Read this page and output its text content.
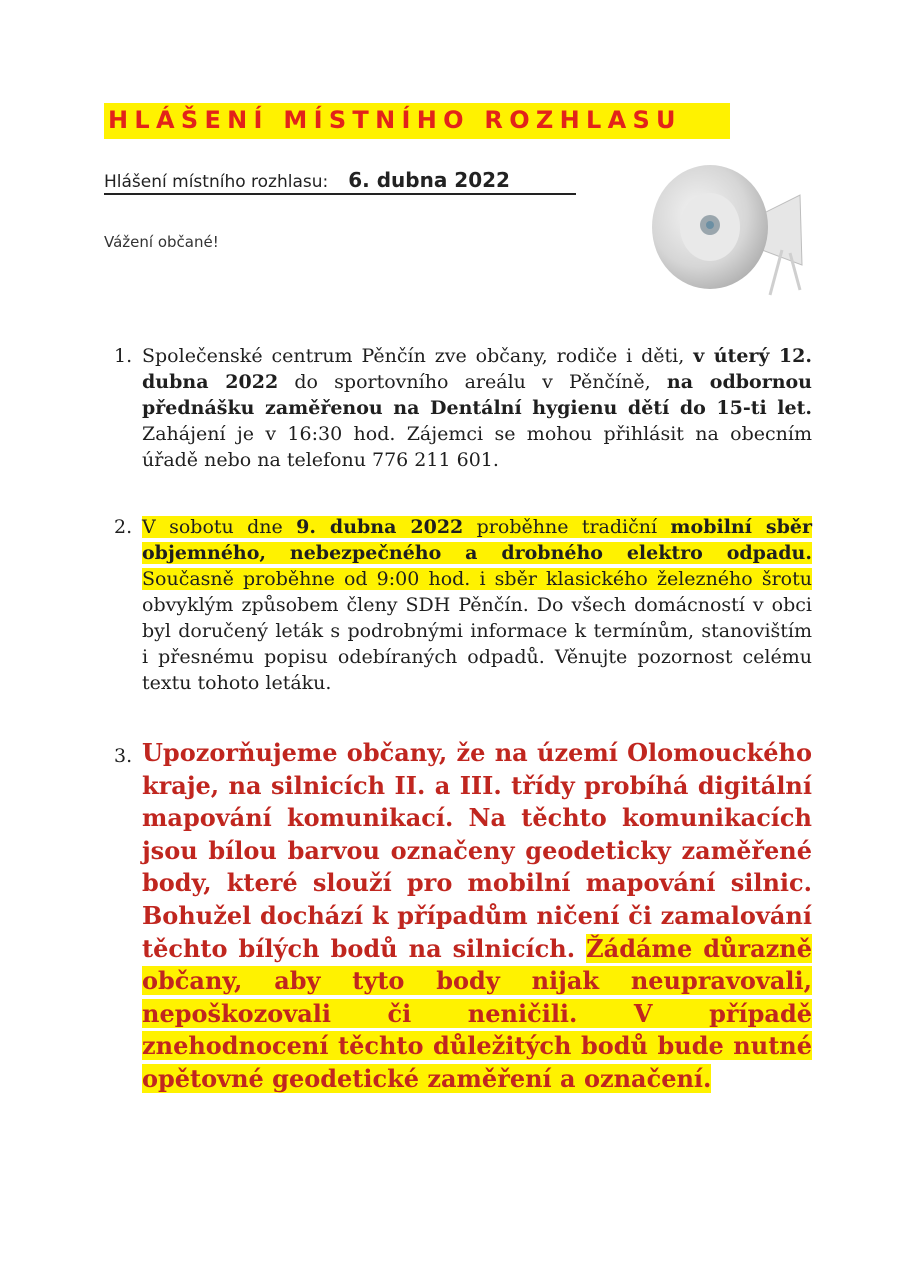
HLÁŠENÍ MÍSTNÍHO ROZHLASU
Hlášení místního rozhlasu: 6. dubna 2022
Vážení občané!
1. Společenské centrum Pěnčín zve občany, rodiče i děti, v úterý 12. dubna 2022 do sportovního areálu v Pěnčíně, na odbornou přednášku zaměřenou na Dentální hygienu dětí do 15-ti let. Zahájení je v 16:30 hod. Zájemci se mohou přihlásit na obecním úřadě nebo na telefonu 776 211 601.
2. V sobotu dne 9. dubna 2022 proběhne tradiční mobilní sběr objemného, nebezpečného a drobného elektro odpadu. Současně proběhne od 9:00 hod. i sběr klasického železného šrotu obvyklým způsobem členy SDH Pěnčín. Do všech domácností v obci byl doručený leták s podrobnými informace k termínům, stanovištím i přesnému popisu odebíraných odpadů. Věnujte pozornost celému textu tohoto letáku.
3. Upozorňujeme občany, že na území Olomouckého kraje, na silnicích II. a III. třídy probíhá digitální mapování komunikací. Na těchto komunikacích jsou bílou barvou označeny geodeticky zaměřené body, které slouží pro mobilní mapování silnic. Bohužel dochází k případům ničení či zamalování těchto bílých bodů na silnicích. Žádáme důrazně občany, aby tyto body nijak neupravovali, nepoškozovali či neničili. V případě znehodnocení těchto důležitých bodů bude nutné opětovné geodetické zaměření a označení.
